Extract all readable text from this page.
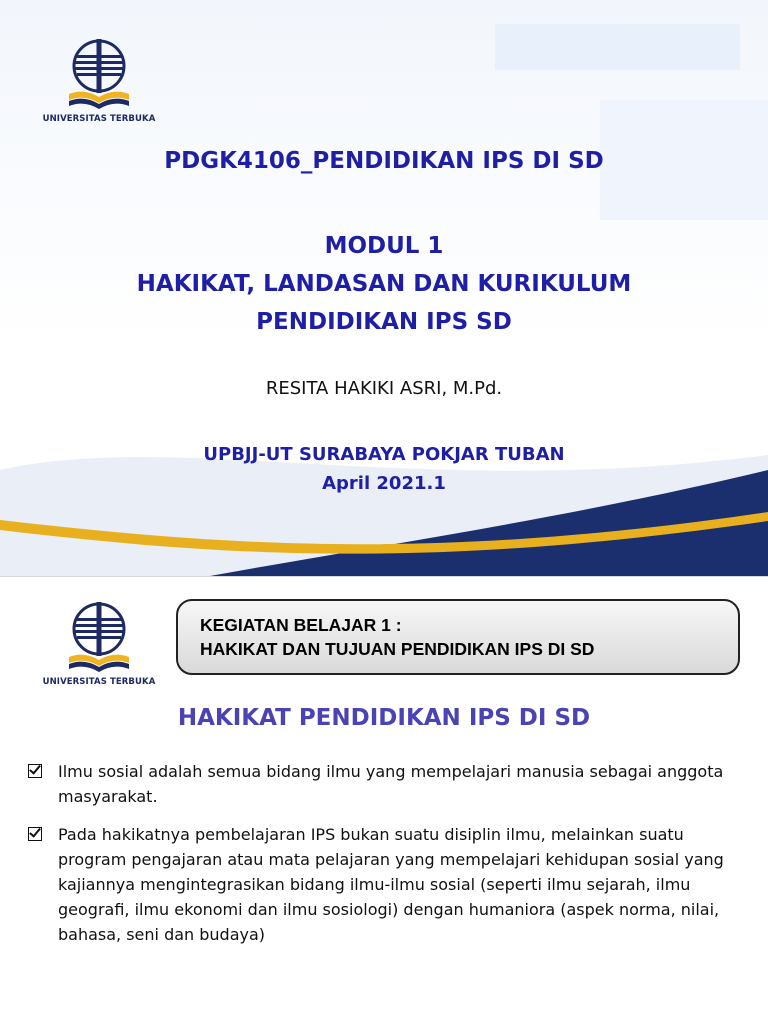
UNIVERSITAS TERBUKA
PDGK4106_PENDIDIKAN IPS DI SD
MODUL 1
HAKIKAT, LANDASAN DAN KURIKULUM
PENDIDIKAN IPS SD

RESITA HAKIKI ASRI, M.Pd.

UPBJJ-UT SURABAYA POKJAR TUBAN
April 2021.1

UNIVERSITAS TERBUKA
KEGIATAN BELAJAR 1 :
HAKIKAT DAN TUJUAN PENDIDIKAN IPS DI SD
HAKIKAT PENDIDIKAN IPS DI SD
Ilmu sosial adalah semua bidang ilmu yang mempelajari manusia sebagai anggota masyarakat.
Pada hakikatnya pembelajaran IPS bukan suatu disiplin ilmu, melainkan suatu program pengajaran atau mata pelajaran yang mempelajari kehidupan sosial yang kajiannya mengintegrasikan bidang ilmu-ilmu sosial (seperti ilmu sejarah, ilmu geografi, ilmu ekonomi dan ilmu sosiologi) dengan humaniora (aspek norma, nilai, bahasa, seni dan budaya)
